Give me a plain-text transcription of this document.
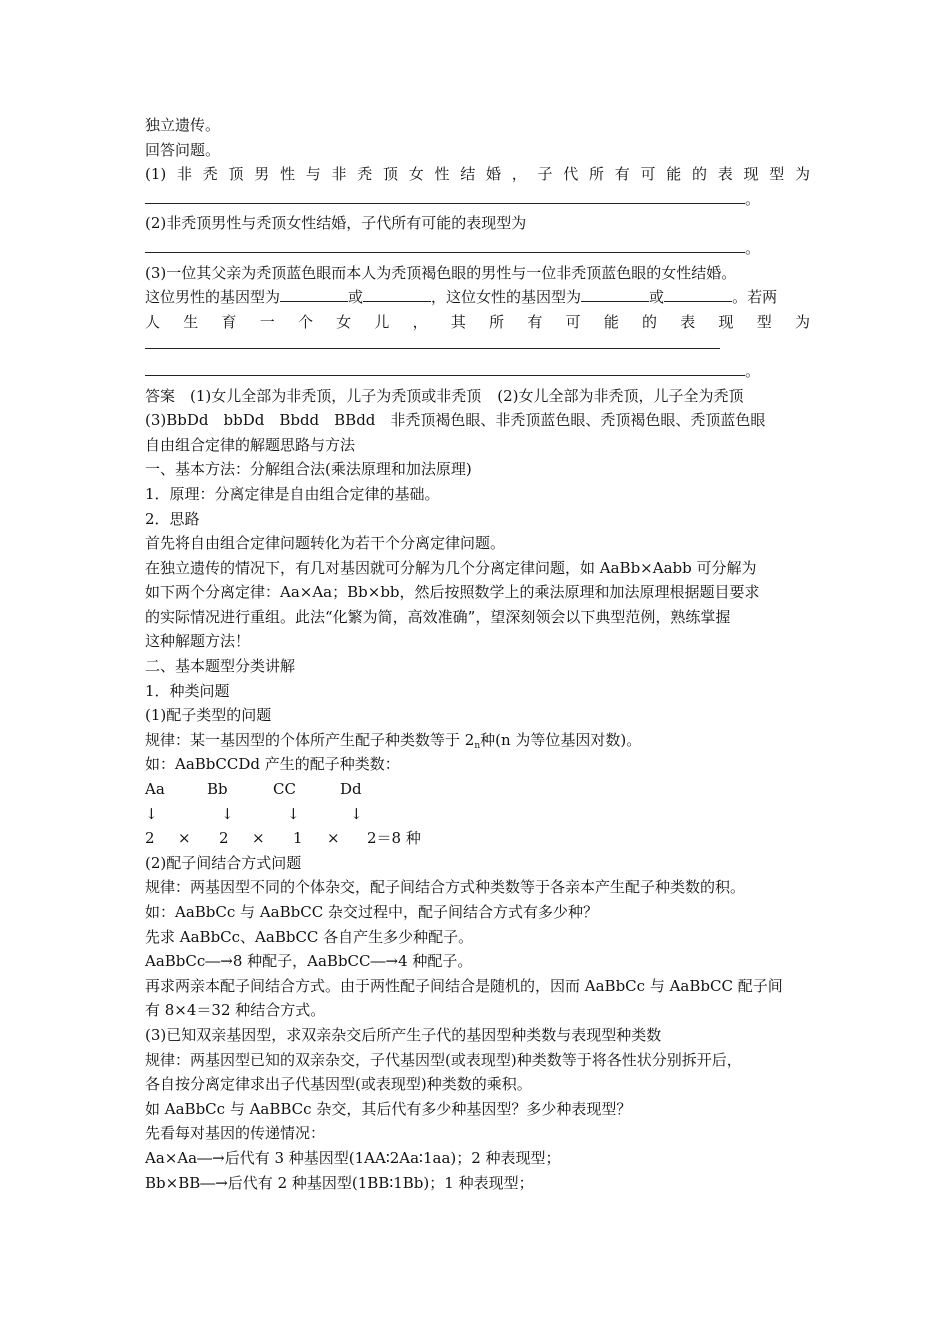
独立遗传。
回答问题。
(1)非秃顶男性与非秃顶女性结婚，子代所有可能的表现型为
。
(2)非秃顶男性与秃顶女性结婚，子代所有可能的表现型为
。
(3)一位其父亲为秃顶蓝色眼而本人为秃顶褐色眼的男性与一位非秃顶蓝色眼的女性结婚。
这位男性的基因型为	或	，这位女性的基因型为	或	。若两
人生育一个女儿，其所有可能的表现型为
。
答案　(1)女儿全部为非秃顶，儿子为秃顶或非秃顶 (2)女儿全部为非秃顶，儿子全为秃顶
(3)BbDd　bbDd　Bbdd　BBdd　非秃顶褐色眼、非秃顶蓝色眼、秃顶褐色眼、秃顶蓝色眼
自由组合定律的解题思路与方法
一、基本方法：分解组合法(乘法原理和加法原理)
1．原理：分离定律是自由组合定律的基础。
2．思路
首先将自由组合定律问题转化为若干个分离定律问题。
在独立遗传的情况下，有几对基因就可分解为几个分离定律问题，如 AaBb×Aabb 可分解为
如下两个分离定律：Aa×Aa；Bb×bb，然后按照数学上的乘法原理和加法原理根据题目要求
的实际情况进行重组。此法“化繁为简，高效准确”，望深刻领会以下典型范例，熟练掌握
这种解题方法！
二、基本题型分类讲解
1．种类问题
(1)配子类型的问题
规律：某一基因型的个体所产生配子种类数等于 $2_n$种(n 为等位基因对数)。
如：AaBbCCDd 产生的配子种类数：
Aa	Bb	CC	Dd
↓	↓	↓	↓
2 × 2 × 1 × 2＝8 种
(2)配子间结合方式问题
规律：两基因型不同的个体杂交，配子间结合方式种类数等于各亲本产生配子种类数的积。
如：AaBbCc 与 AaBbCC 杂交过程中，配子间结合方式有多少种？
先求 AaBbCc、AaBbCC 各自产生多少种配子。
AaBbCc―→8 种配子，AaBbCC―→4 种配子。
再求两亲本配子间结合方式。由于两性配子间结合是随机的，因而 AaBbCc 与 AaBbCC 配子间
有 8×4＝32 种结合方式。
(3)已知双亲基因型，求双亲杂交后所产生子代的基因型种类数与表现型种类数
规律：两基因型已知的双亲杂交，子代基因型(或表现型)种类数等于将各性状分别拆开后，
各自按分离定律求出子代基因型(或表现型)种类数的乘积。
如 AaBbCc 与 AaBBCc 杂交，其后代有多少种基因型？多少种表现型？
先看每对基因的传递情况：
Aa×Aa―→后代有 3 种基因型(1AA∶2Aa∶1aa)；2 种表现型；
Bb×BB―→后代有 2 种基因型(1BB∶1Bb)；1 种表现型；
